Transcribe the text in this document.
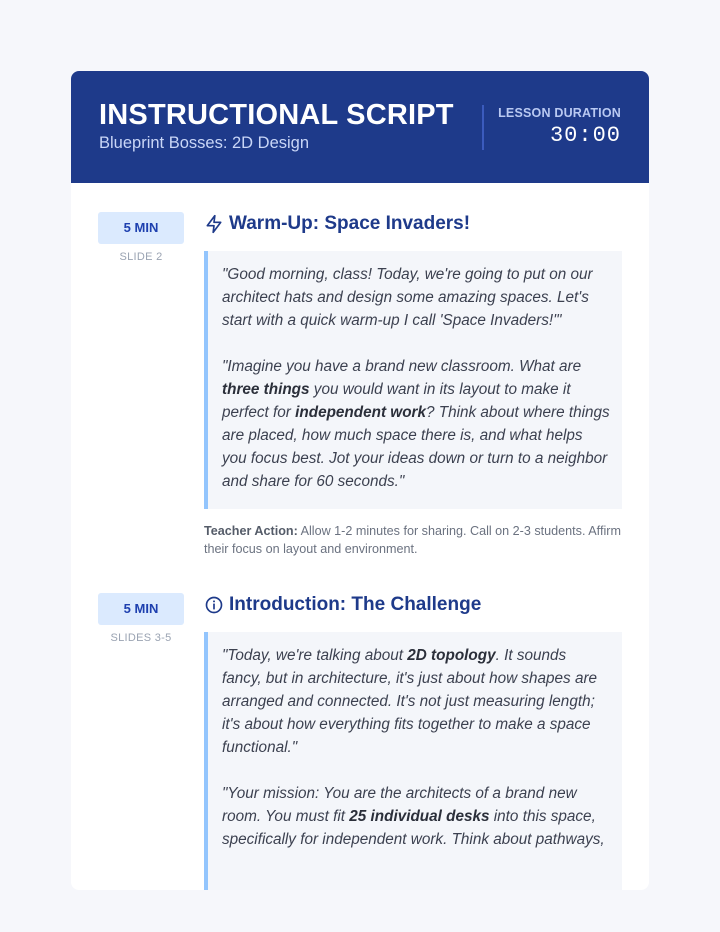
INSTRUCTIONAL SCRIPT
Blueprint Bosses: 2D Design
LESSON DURATION
30:00
5 MIN
SLIDE 2
Warm-Up: Space Invaders!

"Good morning, class! Today, we're going to put on our architect hats and design some amazing spaces. Let's start with a quick warm-up I call 'Space Invaders!'"

"Imagine you have a brand new classroom. What are three things you would want in its layout to make it perfect for independent work? Think about where things are placed, how much space there is, and what helps you focus best. Jot your ideas down or turn to a neighbor and share for 60 seconds."

Teacher Action: Allow 1-2 minutes for sharing. Call on 2-3 students. Affirm their focus on layout and environment.
5 MIN
SLIDES 3-5
Introduction: The Challenge

"Today, we're talking about 2D topology. It sounds fancy, but in architecture, it's just about how shapes are arranged and connected. It's not just measuring length; it's about how everything fits together to make a space functional."

"Your mission: You are the architects of a brand new room. You must fit 25 individual desks into this space, specifically for independent work. Think about pathways,
